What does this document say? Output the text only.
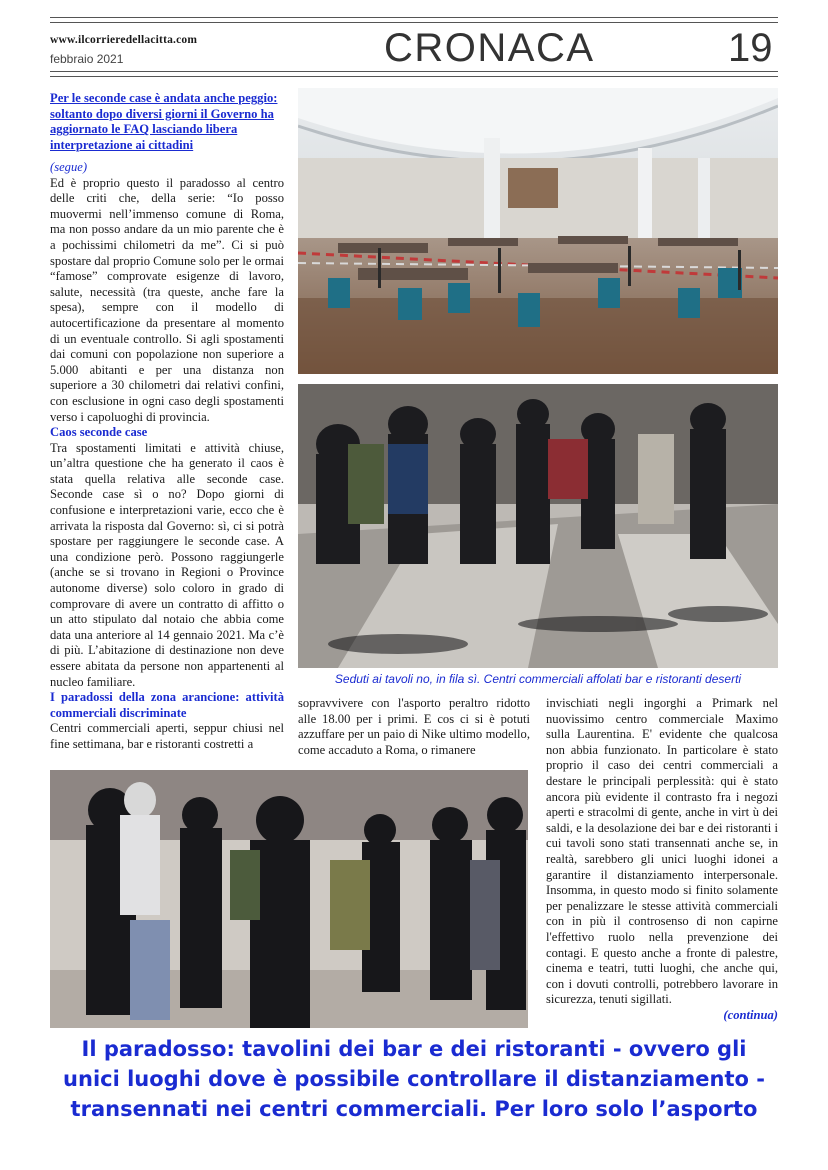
www.ilcorrieredellacitta.com
febbraio 2021	CRONACA	19
Per le seconde case è andata anche peggio: soltanto dopo diversi giorni il Governo ha aggiornato le FAQ lasciando libera interpretazione ai cittadini

(segue)

Ed è proprio questo il paradosso al centro delle criti che, della serie: “Io posso muovermi nell’immenso comune di Roma, ma non posso andare da un mio parente che è a pochissimi chilometri da me”. Ci si può spostare dal proprio Comune solo per le ormai “famose” comprovate esigenze di lavoro, salute, necessità (tra queste, anche fare la spesa), sempre con il modello di autocertificazione da presentare al momento di un eventuale controllo. Si agli spostamenti dai comuni con popolazione non superiore a 5.000 abitanti e per una distanza non superiore a 30 chilometri dai relativi confini, con esclusione in ogni caso degli spostamenti verso i capoluoghi di provincia.

Caos seconde case

Tra spostamenti limitati e attività chiuse, un’altra questione che ha generato il caos è stata quella relativa alle seconde case. Seconde case sì o no? Dopo giorni di confusione e interpretazioni varie, ecco che è arrivata la risposta dal Governo: sì, ci si potrà spostare per raggiungere le seconde case. A una condizione però. Possono raggiungerle (anche se si trovano in Regioni o Province autonome diverse) solo coloro in grado di comprovare di avere un contratto di affitto o un atto stipulato dal notaio che abbia come data una anteriore al 14 gennaio 2021. Ma c’è di più. L’abitazione di destinazione non deve essere abitata da persone non appartenenti al nucleo familiare.

I paradossi della zona arancione: attività commerciali discriminate

Centri commerciali aperti, seppur chiusi nel fine settimana, bar e ristoranti costretti a

Seduti ai tavoli no, in fila sì. Centri commerciali affolati bar e ristoranti deserti

sopravvivere con l'asporto peraltro ridotto alle 18.00 per i primi. E cos ci si è potuti azzuffare per un paio di Nike ultimo modello, come accaduto a Roma, o rimanere

invischiati negli ingorghi a Primark nel nuovissimo centro commerciale Maximo sulla Laurentina. E' evidente che qualcosa non abbia funzionato. In particolare è stato proprio il caso dei centri commerciali a destare le principali perplessità: qui è stato ancora più evidente il contrasto fra i negozi aperti e stracolmi di gente, anche in virt ù dei saldi, e la desolazione dei bar e dei ristoranti i cui tavoli sono stati transennati anche se, in realtà, sarebbero gli unici luoghi idonei a garantire il distanziamento interpersonale. Insomma, in questo modo si finito solamente per penalizzare le stesse attività commerciali con in più il controsenso di non capirne l'effettivo ruolo nella prevenzione dei contagi. E questo anche a fronte di palestre, cinema e teatri, tutti luoghi, che anche qui, con i dovuti controlli, potrebbero lavorare in sicurezza, tenuti sigillati.

(continua)

Il paradosso: tavolini dei bar e dei ristoranti - ovvero gli unici luoghi dove è possibile controllare il distanziamento - transennati nei centri commerciali. Per loro solo l’asporto
